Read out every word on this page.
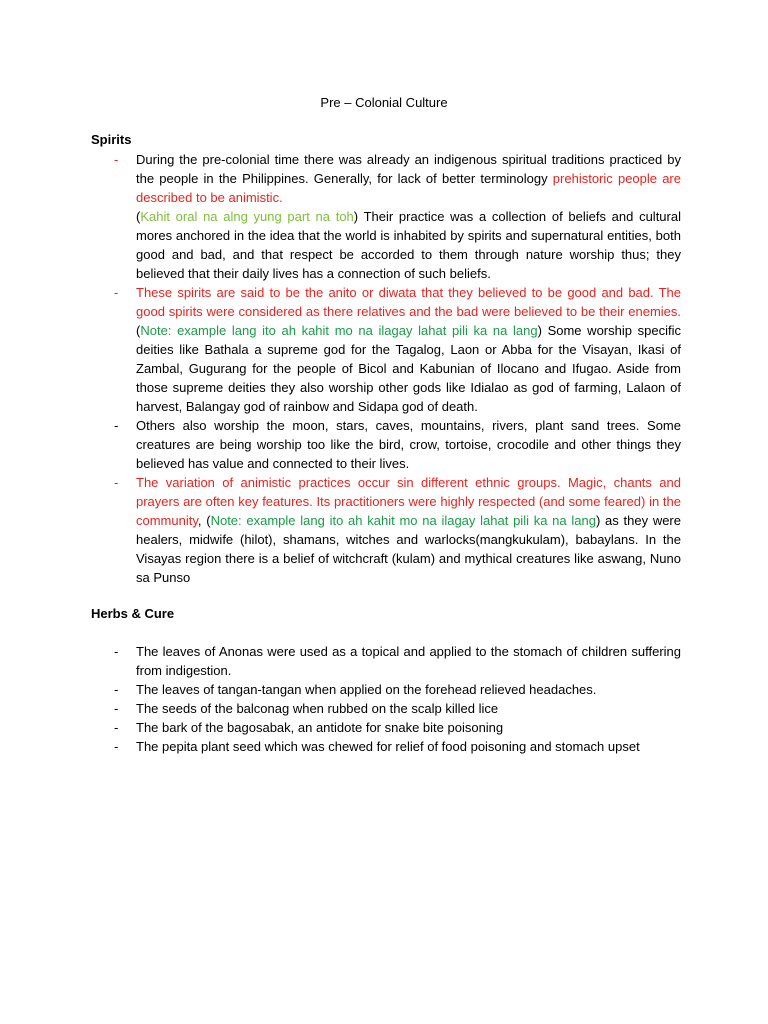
Pre – Colonial Culture
Spirits
- During the pre-colonial time there was already an indigenous spiritual traditions practiced by the people in the Philippines. Generally, for lack of better terminology prehistoric people are described to be animistic.
(Kahit oral na alng yung part na toh) Their practice was a collection of beliefs and cultural mores anchored in the idea that the world is inhabited by spirits and supernatural entities, both good and bad, and that respect be accorded to them through nature worship thus; they believed that their daily lives has a connection of such beliefs.
- These spirits are said to be the anito or diwata that they believed to be good and bad. The good spirits were considered as there relatives and the bad were believed to be their enemies. (Note: example lang ito ah kahit mo na ilagay lahat pili ka na lang) Some worship specific deities like Bathala a supreme god for the Tagalog, Laon or Abba for the Visayan, Ikasi of Zambal, Gugurang for the people of Bicol and Kabunian of Ilocano and Ifugao. Aside from those supreme deities they also worship other gods like Idialao as god of farming, Lalaon of harvest, Balangay god of rainbow and Sidapa god of death.
- Others also worship the moon, stars, caves, mountains, rivers, plant sand trees. Some creatures are being worship too like the bird, crow, tortoise, crocodile and other things they believed has value and connected to their lives.
- The variation of animistic practices occur sin different ethnic groups. Magic, chants and prayers are often key features. Its practitioners were highly respected (and some feared) in the community, (Note: example lang ito ah kahit mo na ilagay lahat pili ka na lang) as they were healers, midwife (hilot), shamans, witches and warlocks(mangkukulam), babaylans. In the Visayas region there is a belief of witchcraft (kulam) and mythical creatures like aswang, Nuno sa Punso
Herbs & Cure
- The leaves of Anonas were used as a topical and applied to the stomach of children suffering from indigestion.
- The leaves of tangan-tangan when applied on the forehead relieved headaches.
- The seeds of the balconag when rubbed on the scalp killed lice
- The bark of the bagosabak, an antidote for snake bite poisoning
- The pepita plant seed which was chewed for relief of food poisoning and stomach upset
